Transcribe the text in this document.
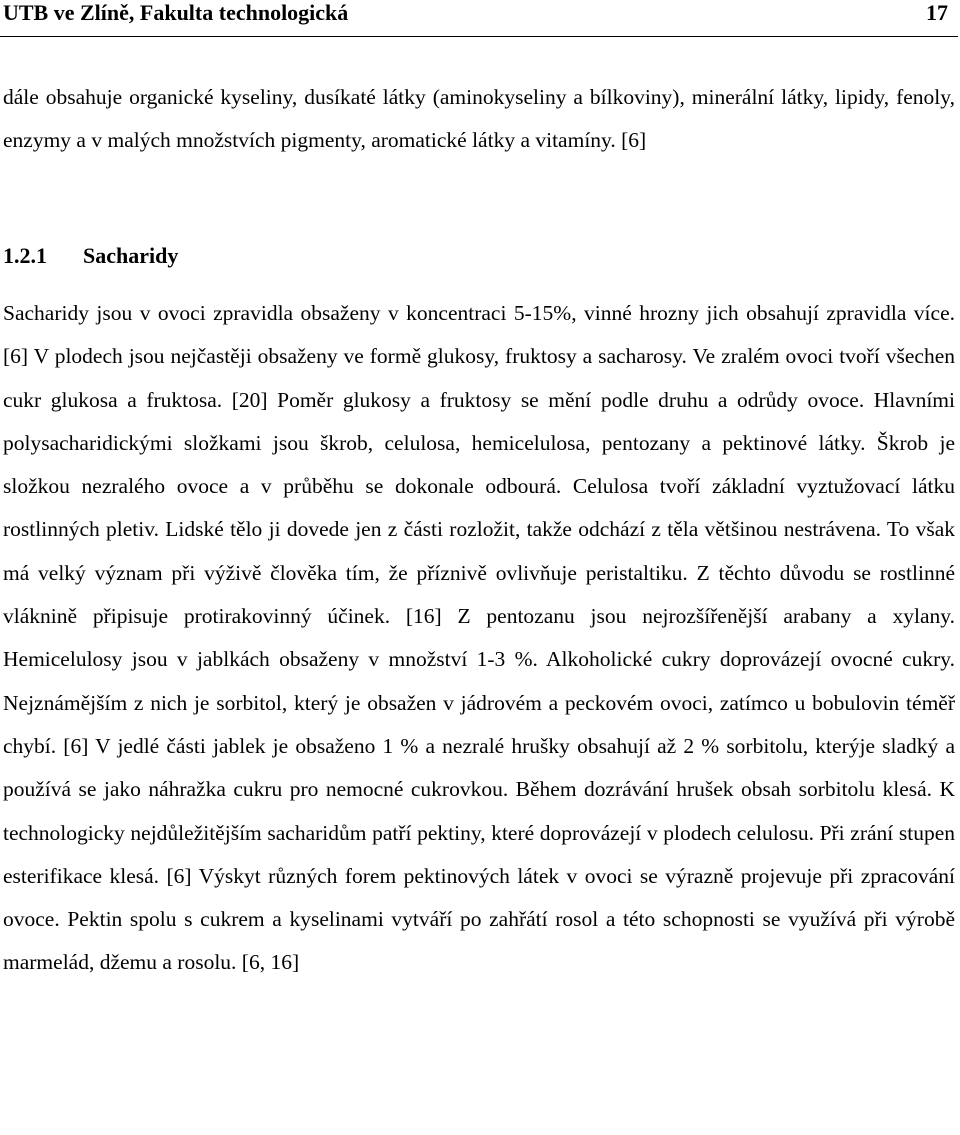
UTB ve Zlíně, Fakulta technologická	17

dále obsahuje organické kyseliny, dusíkaté látky (aminokyseliny a bílkoviny), minerální látky, lipidy, fenoly, enzymy a v malých množstvích pigmenty, aromatické látky a vitamíny. [6]

1.2.1 Sacharidy

Sacharidy jsou v ovoci zpravidla obsaženy v koncentraci 5-15%, vinné hrozny jich obsahují zpravidla více. [6] V plodech jsou nejčastěji obsaženy ve formě glukosy, fruktosy a sacharosy. Ve zralém ovoci tvoří všechen cukr glukosa a fruktosa. [20] Poměr glukosy a fruktosy se mění podle druhu a odrůdy ovoce. Hlavními polysacharidickými složkami jsou škrob, celulosa, hemicelulosa, pentozany a pektinové látky. Škrob je složkou nezralého ovoce a v průběhu se dokonale odbourá. Celulosa tvoří základní vyztužovací látku rostlinných pletiv. Lidské tělo ji dovede jen z části rozložit, takže odchází z těla většinou nestrávena. To však má velký význam při výživě člověka tím, že příznivě ovlivňuje peristaltiku. Z těchto důvodu se rostlinné vláknině připisuje protirakovinný účinek. [16] Z pentozanu jsou nejrozšířenější arabany a xylany. Hemicelulosy jsou v jablkách obsaženy v množství 1-3 %. Alkoholické cukry doprovázejí ovocné cukry. Nejznámějším z nich je sorbitol, který je obsažen v jádrovém a peckovém ovoci, zatímco u bobulovin téměř chybí. [6] V jedlé části jablek je obsaženo 1 % a nezralé hrušky obsahují až 2 % sorbitolu, kterýje sladký a používá se jako náhražka cukru pro nemocné cukrovkou. Během dozrávání hrušek obsah sorbitolu klesá. K technologicky nejdůležitějším sacharidům patří pektiny, které doprovázejí v plodech celulosu. Při zrání stupen esterifikace klesá. [6] Výskyt různých forem pektinových látek v ovoci se výrazně projevuje při zpracování ovoce. Pektin spolu s cukrem a kyselinami vytváří po zahřátí rosol a této schopnosti se využívá při výrobě marmelád, džemu a rosolu. [6, 16]
